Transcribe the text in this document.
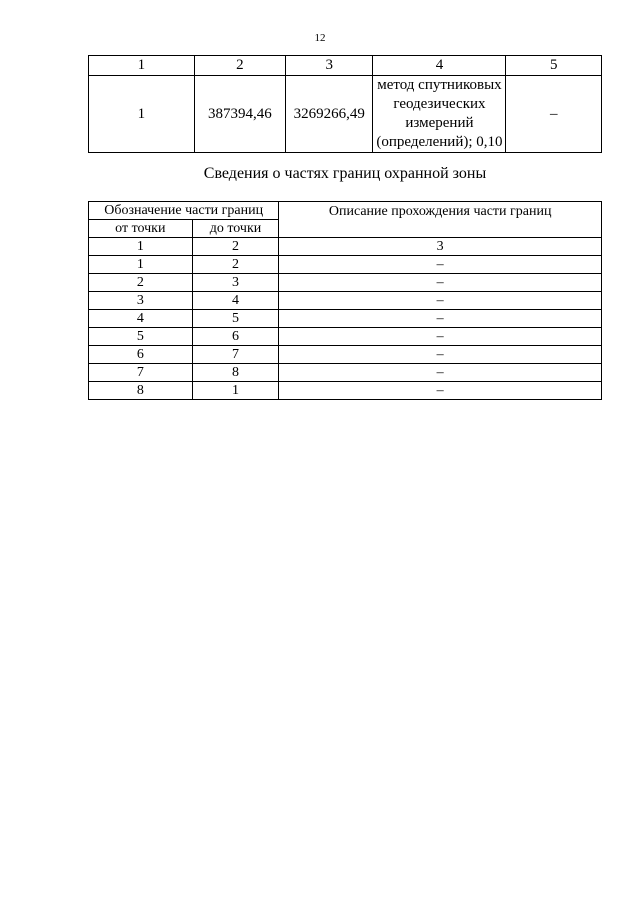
12
1	2	3	4	5
1	387394,46	3269266,49	метод спутниковых
геодезических
измерений
(определений); 0,10	–
Сведения о частях границ охранной зоны
Обозначение части границ		Описание прохождения части границ
от точки	до точки	
1	2	3
1	2	–
2	3	–
3	4	–
4	5	–
5	6	–
6	7	–
7	8	–
8	1	–
